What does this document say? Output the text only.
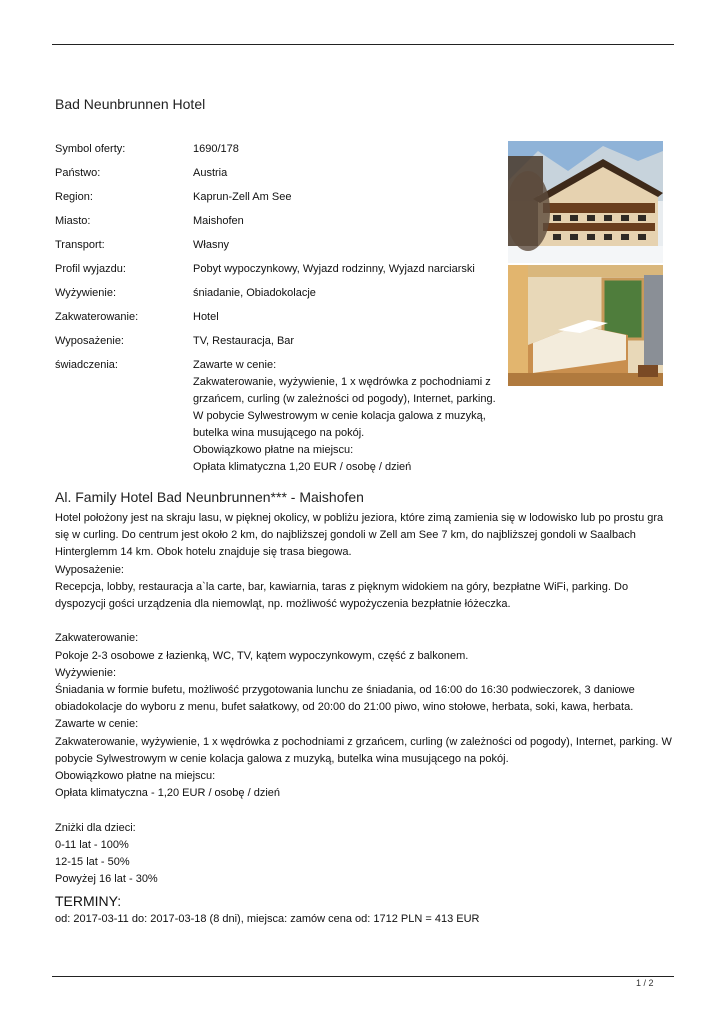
Bad Neunbrunnen Hotel
Symbol oferty:	1690/178
Państwo:	Austria
Region:	Kaprun-Zell Am See
Miasto:	Maishofen
Transport:	Własny
Profil wyjazdu:	Pobyt wypoczynkowy, Wyjazd rodzinny, Wyjazd narciarski
Wyżywienie:	śniadanie, Obiadokolacje
Zakwaterowanie:	Hotel
Wyposażenie:	TV, Restauracja, Bar
świadczenia:	Zawarte w cenie:
Zakwaterowanie, wyżywienie, 1 x wędrówka z pochodniami z
grzańcem, curling (w zależności od pogody), Internet, parking.
W pobycie Sylwestrowym w cenie kolacja galowa z muzyką,
butelka wina musującego na pokój.
Obowiązkowo płatne na miejscu:
Opłata klimatyczna 1,20 EUR / osobę / dzień
Al. Family Hotel Bad Neunbrunnen*** - Maishofen
Hotel położony jest na skraju lasu, w pięknej okolicy, w pobliżu jeziora, które zimą zamienia się w lodowisko lub po prostu gra
się w curling. Do centrum jest około 2 km, do najbliższej gondoli w Zell am See 7 km, do najbliższej gondoli w Saalbach
Hinterglemm 14 km. Obok hotelu znajduje się trasa biegowa.
Wyposażenie:
Recepcja, lobby, restauracja a`la carte, bar, kawiarnia, taras z pięknym widokiem na góry, bezpłatne WiFi, parking. Do
dyspozycji gości urządzenia dla niemowląt, np. możliwość wypożyczenia bezpłatnie łóżeczka.
Zakwaterowanie:
Pokoje 2-3 osobowe z łazienką, WC, TV, kątem wypoczynkowym, część z balkonem.
Wyżywienie:
Śniadania w formie bufetu, możliwość przygotowania lunchu ze śniadania, od 16:00 do 16:30 podwieczorek, 3 daniowe
obiadokolacje do wyboru z menu, bufet sałatkowy, od 20:00 do 21:00 piwo, wino stołowe, herbata, soki, kawa, herbata.
Zawarte w cenie:
Zakwaterowanie, wyżywienie, 1 x wędrówka z pochodniami z grzańcem, curling (w zależności od pogody), Internet, parking. W
pobycie Sylwestrowym w cenie kolacja galowa z muzyką, butelka wina musującego na pokój.
Obowiązkowo płatne na miejscu:
Opłata klimatyczna - 1,20 EUR / osobę / dzień
Zniżki dla dzieci:
0-11 lat - 100%
12-15 lat - 50%
Powyżej 16 lat - 30%
TERMINY:
od: 2017-03-11 do: 2017-03-18 (8 dni), miejsca: zamów cena od: 1712 PLN = 413 EUR
1 / 2
